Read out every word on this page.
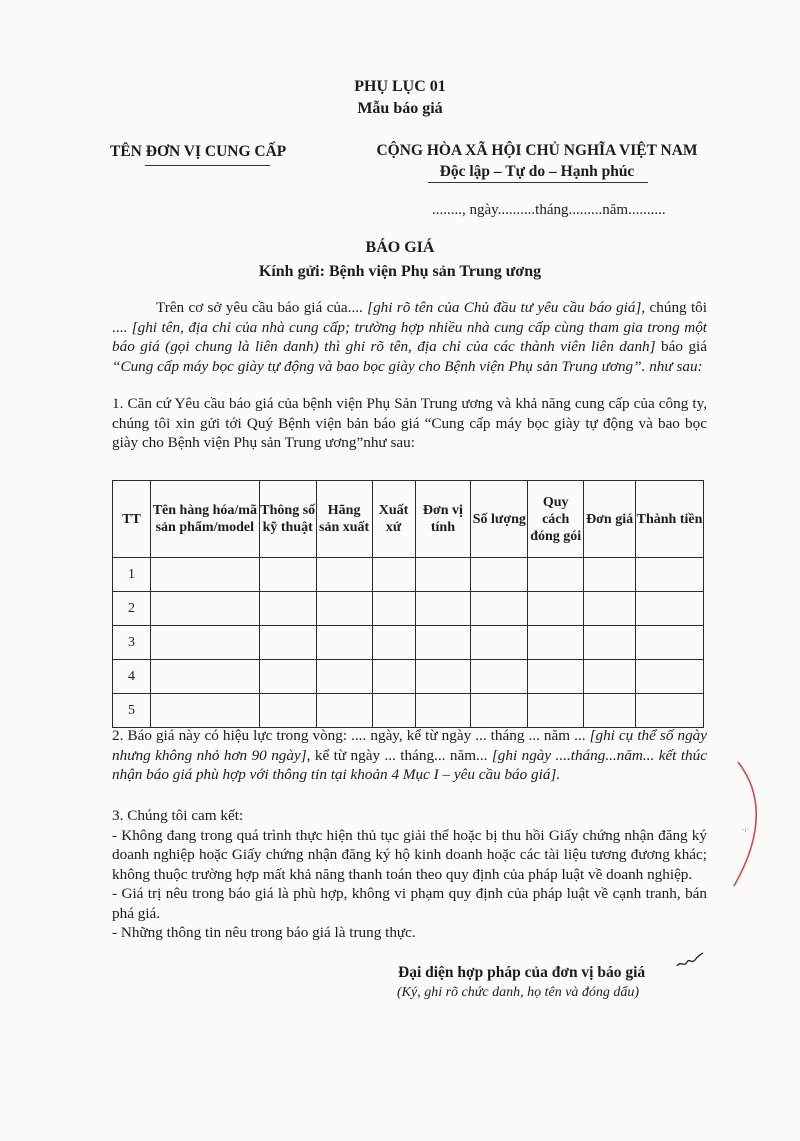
PHỤ LỤC 01
Mẫu báo giá
TÊN ĐƠN VỊ CUNG CẤP	CỘNG HÒA XÃ HỘI CHỦ NGHĨA VIỆT NAM
Độc lập – Tự do – Hạnh phúc
........, ngày..........tháng.........năm..........
BÁO GIÁ
Kính gửi: Bệnh viện Phụ sản Trung ương
Trên cơ sở yêu cầu báo giá của.... [ghi rõ tên của Chủ đầu tư yêu cầu báo giá], chúng tôi .... [ghi tên, địa chỉ của nhà cung cấp; trường hợp nhiều nhà cung cấp cùng tham gia trong một báo giá (gọi chung là liên danh) thì ghi rõ tên, địa chỉ của các thành viên liên danh] báo giá “Cung cấp máy bọc giày tự động và bao bọc giày cho Bệnh viện Phụ sản Trung ương”. như sau:
1. Căn cứ Yêu cầu báo giá của bệnh viện Phụ Sản Trung ương và khả năng cung cấp của công ty, chúng tôi xin gửi tới Quý Bệnh viện bản báo giá “Cung cấp máy bọc giày tự động và bao bọc giày cho Bệnh viện Phụ sản Trung ương”như sau:
TT	Tên hàng hóa/mã sản phẩm/model	Thông số kỹ thuật	Hãng sản xuất	Xuất xứ	Đơn vị tính	Số lượng	Quy cách đóng gói	Đơn giá	Thành tiền
1									
2									
3									
4									
5									
2. Báo giá này có hiệu lực trong vòng: .... ngày, kể từ ngày ... tháng ... năm ... [ghi cụ thể số ngày nhưng không nhỏ hơn 90 ngày], kể từ ngày ... tháng... năm... [ghi ngày ....tháng...năm... kết thúc nhận báo giá phù hợp với thông tin tại khoản 4 Mục I – yêu cầu báo giá].
3. Chúng tôi cam kết:
- Không đang trong quá trình thực hiện thủ tục giải thể hoặc bị thu hồi Giấy chứng nhận đăng ký doanh nghiệp hoặc Giấy chứng nhận đăng ký hộ kinh doanh hoặc các tài liệu tương đương khác; không thuộc trường hợp mất khả năng thanh toán theo quy định của pháp luật về doanh nghiệp.
- Giá trị nêu trong báo giá là phù hợp, không vi phạm quy định của pháp luật về cạnh tranh, bán phá giá.
- Những thông tin nêu trong báo giá là trung thực.
Đại diện hợp pháp của đơn vị báo giá
(Ký, ghi rõ chức danh, họ tên và đóng dấu)
·:·
